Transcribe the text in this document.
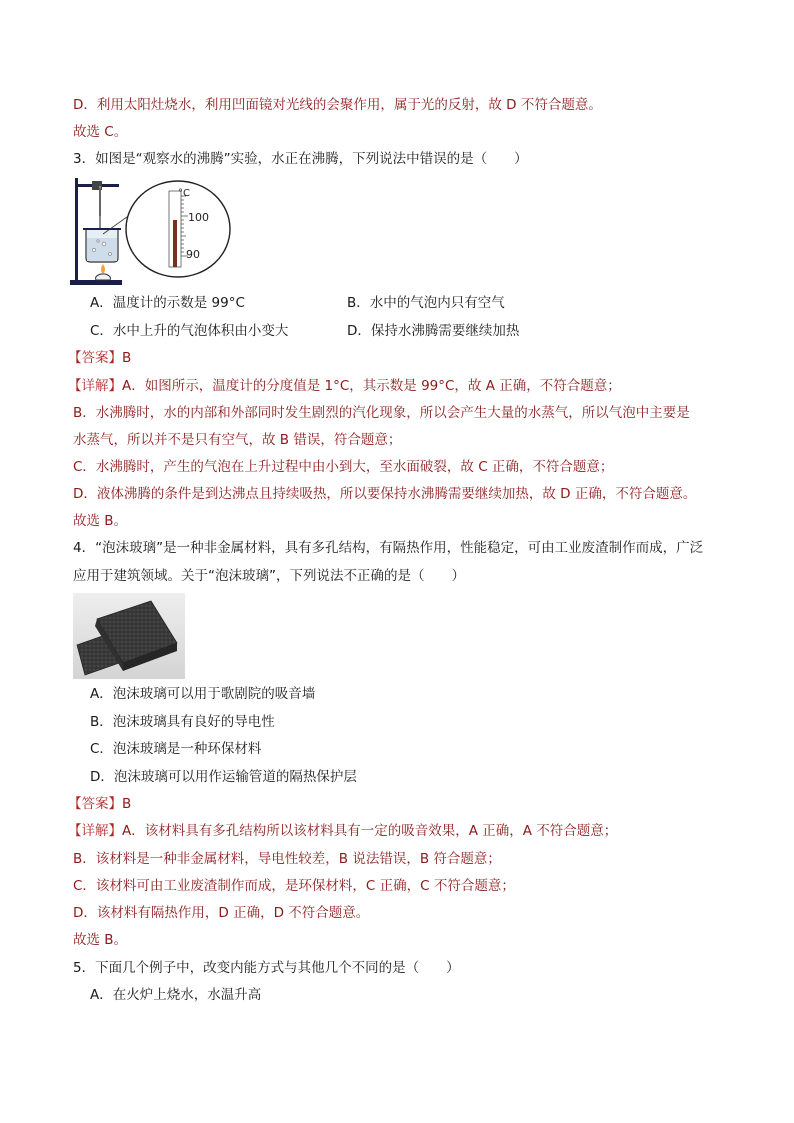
D．利用太阳灶烧水，利用凹面镜对光线的会聚作用，属于光的反射，故 D 不符合题意。
故选 C。
3．如图是“观察水的沸腾”实验，水正在沸腾，下列说法中错误的是（　　）
°C
100
90
A．温度计的示数是 99°C	B．水中的气泡内只有空气
C．水中上升的气泡体积由小变大	D．保持水沸腾需要继续加热
【答案】B
【详解】A．如图所示，温度计的分度值是 1°C，其示数是 99°C，故 A 正确，不符合题意；
B．水沸腾时，水的内部和外部同时发生剧烈的汽化现象，所以会产生大量的水蒸气，所以气泡中主要是
水蒸气，所以并不是只有空气，故 B 错误，符合题意；
C．水沸腾时，产生的气泡在上升过程中由小到大，至水面破裂，故 C 正确，不符合题意；
D．液体沸腾的条件是到达沸点且持续吸热，所以要保持水沸腾需要继续加热，故 D 正确，不符合题意。
故选 B。
4．“泡沫玻璃”是一种非金属材料，具有多孔结构，有隔热作用，性能稳定，可由工业废渣制作而成，广泛
应用于建筑领域。关于“泡沫玻璃”，下列说法不正确的是（　　）
A．泡沫玻璃可以用于歌剧院的吸音墙
B．泡沫玻璃具有良好的导电性
C．泡沫玻璃是一种环保材料
D．泡沫玻璃可以用作运输管道的隔热保护层
【答案】B
【详解】A．该材料具有多孔结构所以该材料具有一定的吸音效果，A 正确，A 不符合题意；
B．该材料是一种非金属材料，导电性较差，B 说法错误，B 符合题意；
C．该材料可由工业废渣制作而成，是环保材料，C 正确，C 不符合题意；
D．该材料有隔热作用，D 正确，D 不符合题意。
故选 B。
5．下面几个例子中，改变内能方式与其他几个不同的是（　　）
A．在火炉上烧水，水温升高
